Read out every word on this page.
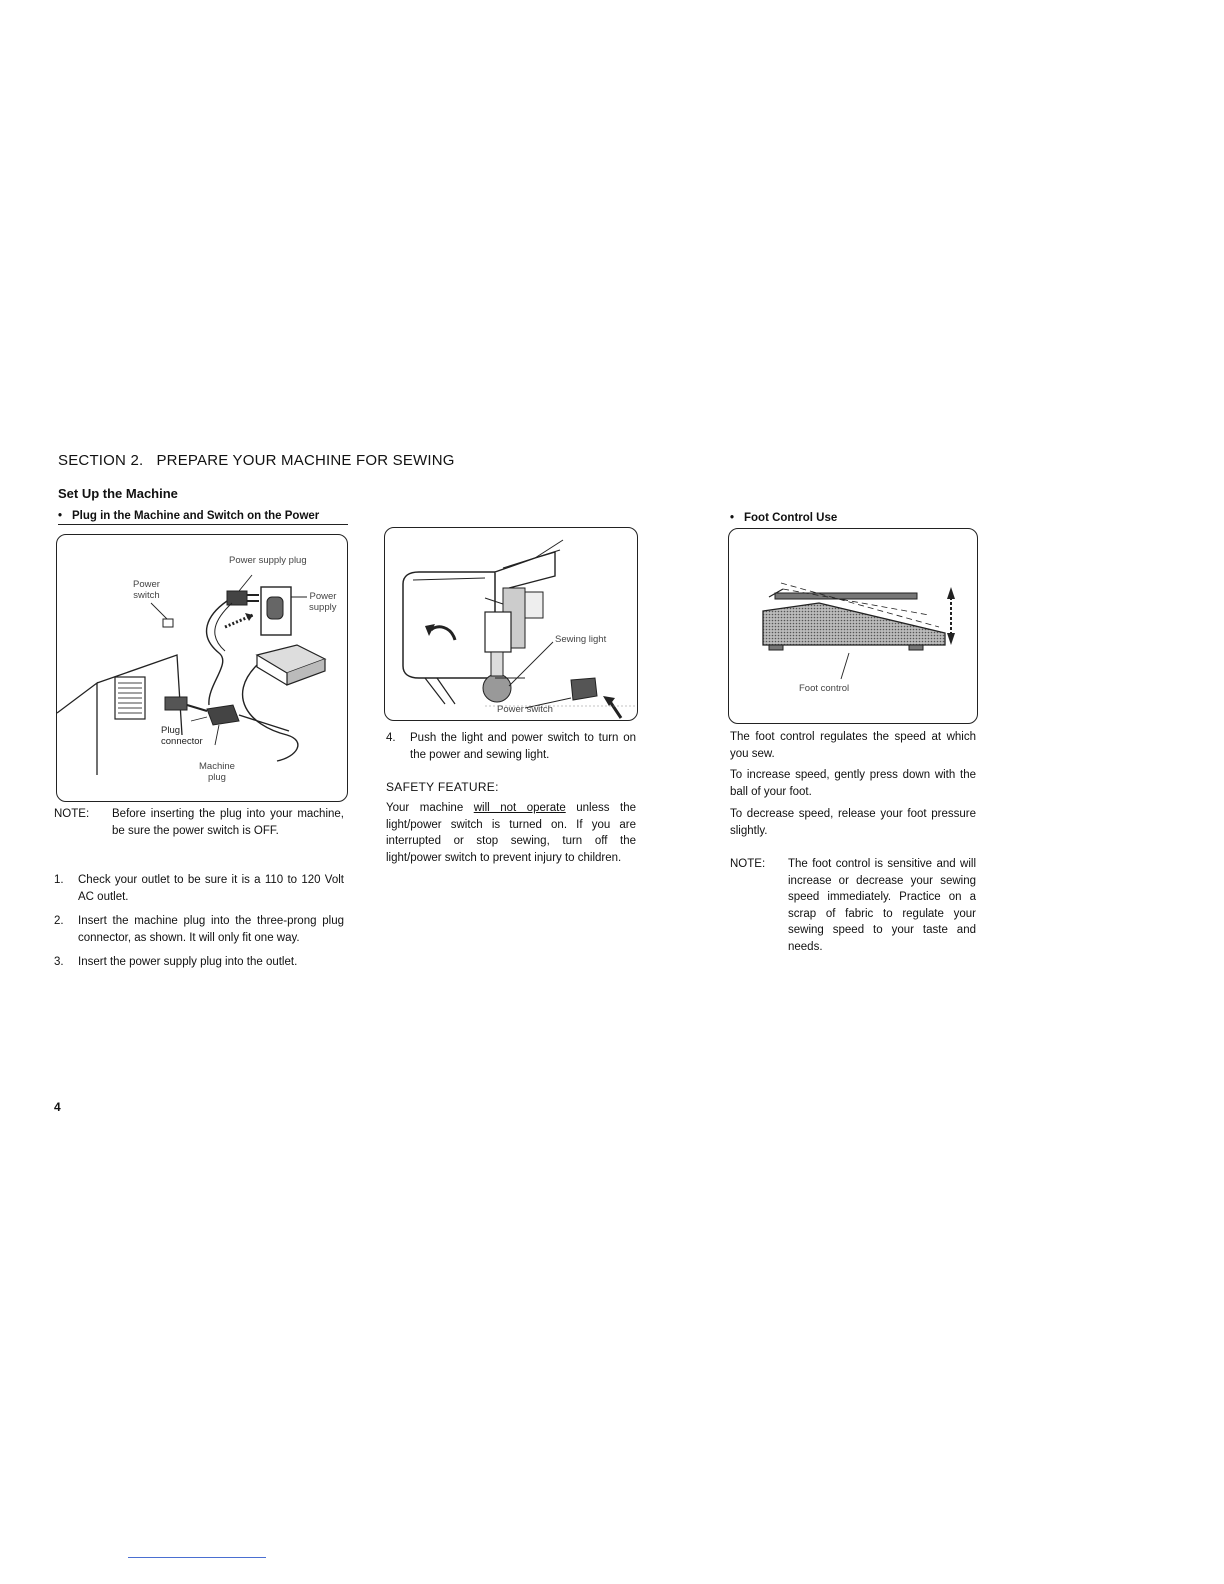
SECTION 2. PREPARE YOUR MACHINE FOR SEWING
Set Up the Machine
• Plug in the Machine and Switch on the Power
Power supply plug
Power
switch	Power
supply
Plug
connector
Machine
plug
NOTE:	Before inserting the plug into your machine, be sure the power switch is OFF.
1.	Check your outlet to be sure it is a 110 to 120 Volt AC outlet.
2.	Insert the machine plug into the three-prong plug connector, as shown. It will only fit one way.
3.	Insert the power supply plug into the outlet.
Sewing light
Power switch
4.	Push the light and power switch to turn on the power and sewing light.
SAFETY FEATURE:
Your machine will not operate unless the light/power switch is turned on. If you are interrupted or stop sewing, turn off the light/power switch to prevent injury to children.
• Foot Control Use
Foot control
The foot control regulates the speed at which you sew.
To increase speed, gently press down with the ball of your foot.
To decrease speed, release your foot pressure slightly.
NOTE:	The foot control is sensitive and will increase or decrease your sewing speed immediately. Practice on a scrap of fabric to regulate your sewing speed to your taste and needs.
4
